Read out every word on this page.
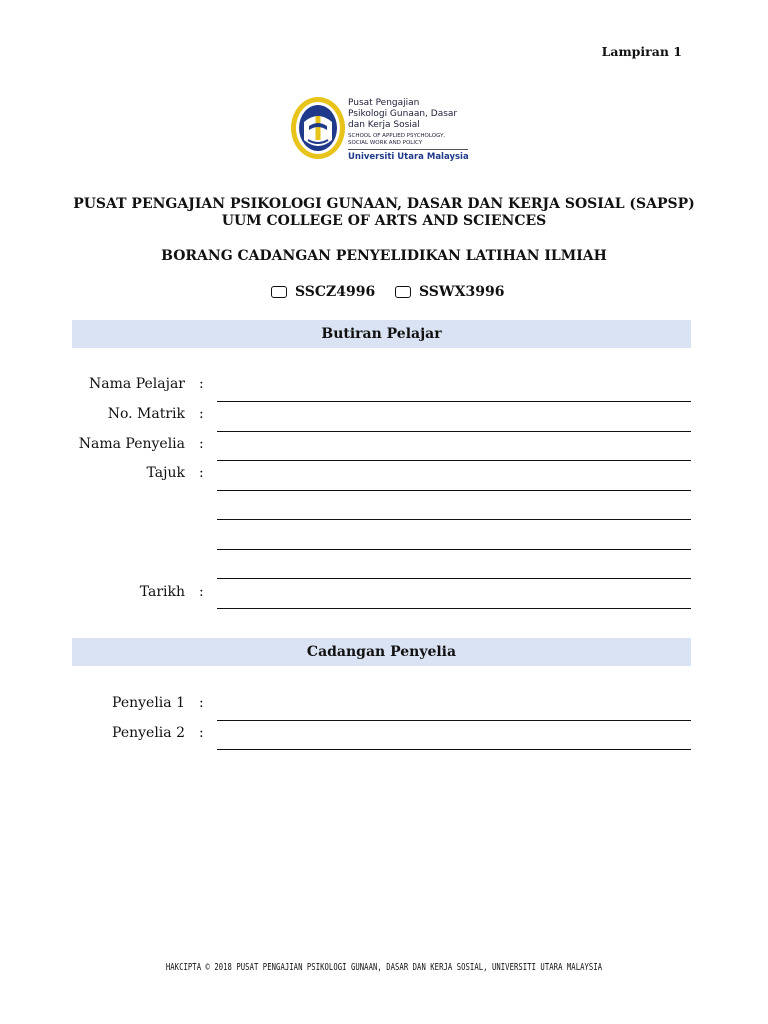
Lampiran 1
Pusat Pengajian
Psikologi Gunaan, Dasar
dan Kerja Sosial
SCHOOL OF APPLIED PSYCHOLOGY,
SOCIAL WORK AND POLICY
Universiti Utara Malaysia
PUSAT PENGAJIAN PSIKOLOGI GUNAAN, DASAR DAN KERJA SOSIAL (SAPSP)
UUM COLLEGE OF ARTS AND SCIENCES
BORANG CADANGAN PENYELIDIKAN LATIHAN ILMIAH
SSCZ4996	SSWX3996
Butiran Pelajar
Nama Pelajar :
No. Matrik :
Nama Penyelia :
Tajuk :
Tarikh :
Cadangan Penyelia
Penyelia 1 :
Penyelia 2 :
HAKCIPTA © 2018 PUSAT PENGAJIAN PSIKOLOGI GUNAAN, DASAR DAN KERJA SOSIAL, UNIVERSITI UTARA MALAYSIA
